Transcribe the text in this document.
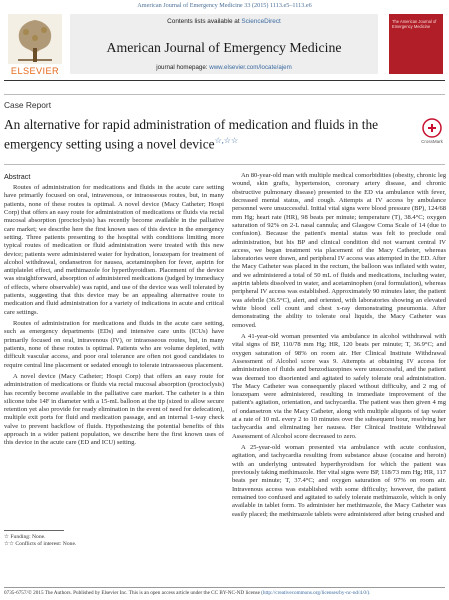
American Journal of Emergency Medicine 33 (2015) 1113.e5–1113.e6
ELSEVIER
Contents lists available at ScienceDirect
American Journal of Emergency Medicine
journal homepage: www.elsevier.com/locate/ajem
The American Journal of Emergency Medicine
Case Report
An alternative for rapid administration of medication and fluids in the emergency setting using a novel device☆,☆☆	CrossMark
Abstract

Routes of administration for medications and fluids in the acute care setting have primarily focused on oral, intravenous, or intraosseous routes, but, in many patients, none of these routes is optimal. A novel device (Macy Catheter; Hospi Corp) that offers an easy route for administration of medications or fluids via rectal mucosal absorption (proctoclysis) has recently become available in the palliative care market; we describe here the first known uses of this device in the emergency setting. Three patients presenting to the hospital with conditions limiting more typical routes of medication or fluid administration were treated with this new device; patients were administered water for hydration, lorazepam for treatment of alcohol withdrawal, ondansetron for nausea, acetaminophen for fever, aspirin for antiplatelet effect, and methimazole for hyperthyroidism. Placement of the device was straightforward, absorption of administered medications (judged by immediacy of effects, where observable) was rapid, and use of the device was well tolerated by patients, suggesting that this device may be an appealing alternative route to medication and fluid administration for a variety of indications in acute and critical care settings.

Routes of administration for medications and fluids in the acute care setting, such as emergency departments (EDs) and intensive care units (ICUs) have primarily focused on oral, intravenous (IV), or intraosseous routes, but, in many patients, none of these routes is optimal. Patients who are volume depleted, with difficult vascular access, and poor oral tolerance are often not good candidates to require central line placement or sedated enough to tolerate intraosseous placement.

A novel device (Macy Catheter; Hospi Corp) that offers an easy route for administration of medications or fluids via rectal mucosal absorption (proctoclysis) has recently become available in the palliative care market. The catheter is a thin silicone tube 14F in diameter with a 15-mL balloon at the tip (sized to allow secure retention yet also provide for ready elimination in the event of need for defecation), multiple exit ports for fluid and medication passage, and an internal 1-way check valve to prevent backflow of fluids. Hypothesizing the potential benefits of this approach in a wider patient population, we describe here the first known uses of this device in the acute care (ED and ICU) setting.

An 80-year-old man with multiple medical comorbidities (obesity, chronic leg wound, skin grafts, hypertension, coronary artery disease, and chronic obstructive pulmonary disease) presented to the ED via ambulance with fever, decreased mental status, and cough. Attempts at IV access by ambulance personnel were unsuccessful. Initial vital signs were blood pressure (BP), 124/68 mm Hg; heart rate (HR), 98 beats per minute; temperature (T), 38.4°C; oxygen saturation of 92% on 2-L nasal cannula; and Glasgow Coma Scale of 14 (due to confusion). Because the patient's mental status was felt to preclude oral administration, but his BP and clinical condition did not warrant central IV access, we began treatment via placement of the Macy Catheter, whereas laboratories were drawn, and peripheral IV access was attempted in the ED. After the Macy Catheter was placed in the rectum, the balloon was inflated with water, and we administered a total of 50 mL of fluids and medications, including water, aspirin tablets dissolved in water, and acetaminophen (oral formulation), whereas peripheral IV access was established. Approximately 90 minutes later, the patient was afebrile (36.5°C), alert, and oriented, with laboratories showing an elevated white blood cell count and chest x-ray demonstrating pneumonia. After demonstrating the ability to tolerate oral liquids, the Macy Catheter was removed.

A 41-year-old woman presented via ambulance in alcohol withdrawal with vital signs of BP, 110/78 mm Hg; HR, 120 beats per minute; T, 36.9°C; and oxygen saturation of 98% on room air. Her Clinical Institute Withdrawal Assessment of Alcohol score was 9. Attempts at obtaining IV access for administration of fluids and benzodiazepines were unsuccessful, and the patient was deemed too disoriented and agitated to safely tolerate oral administration. The Macy Catheter was consequently placed without difficulty, and 2 mg of lorazepam were administered, resulting in immediate improvement of the patient's agitation, orientation, and tachycardia. The patient was then given 4 mg of ondansetron via the Macy Catheter, along with multiple aliquots of tap water at a rate of 10 mL every 2 to 10 minutes over the subsequent hour, resolving her tachycardia and eliminating her nausea. Her Clinical Institute Withdrawal Assessment of Alcohol score decreased to zero.

A 25-year-old woman presented via ambulance with acute confusion, agitation, and tachycardia resulting from substance abuse (cocaine and heroin) with an underlying untreated hyperthyroidism for which the patient was previously taking methimazole. Her vital signs were BP, 118/73 mm Hg; HR, 117 beats per minute; T, 37.4°C; and oxygen saturation of 97% on room air. Intravenous access was established with some difficulty; however, the patient remained too confused and agitated to safely tolerate methimazole, which is only available in tablet form. To administer her methimazole, the Macy Catheter was easily placed; the methimazole tablets were administered after being crushed and

☆ Funding: None.
☆☆ Conflicts of interest: None.
0735-6757/© 2015 The Authors. Published by Elsevier Inc. This is an open access article under the CC BY-NC-ND license (http://creativecommons.org/licenses/by-nc-nd/4.0/).
